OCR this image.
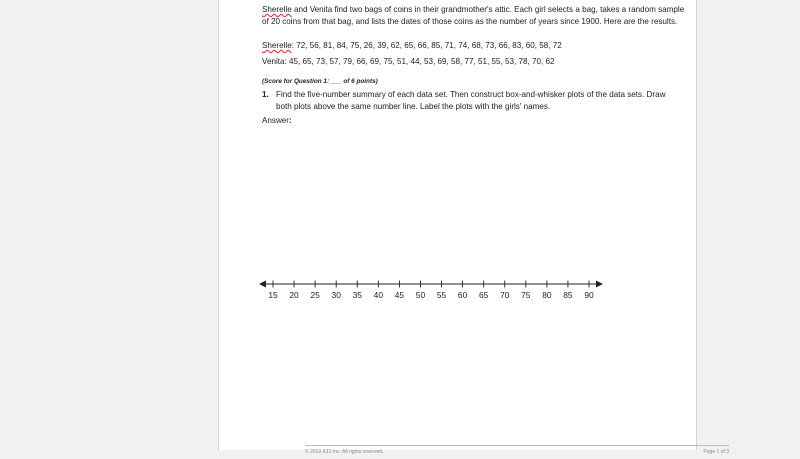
Sherelle and Venita find two bags of coins in their grandmother's attic. Each girl selects a bag, takes a random sample of 20 coins from that bag, and lists the dates of those coins as the number of years since 1900. Here are the results.

Sherelle: 72, 56, 81, 84, 75, 26, 39, 62, 65, 66, 85, 71, 74, 68, 73, 66, 83, 60, 58, 72

Venita: 45, 65, 73, 57, 79, 66, 69, 75, 51, 44, 53, 69, 58, 77, 51, 55, 53, 78, 70, 62

(Score for Question 1: ___ of 6 points)

1. Find the five-number summary of each data set. Then construct box-and-whisker plots of the data sets. Draw both plots above the same number line. Label the plots with the girls' names.

Answer:

© 2019 K12 Inc. All rights reserved.	Page 1 of 3
15 20 25 30 35 40 45 50 55 60 65 70 75 80 85 90
